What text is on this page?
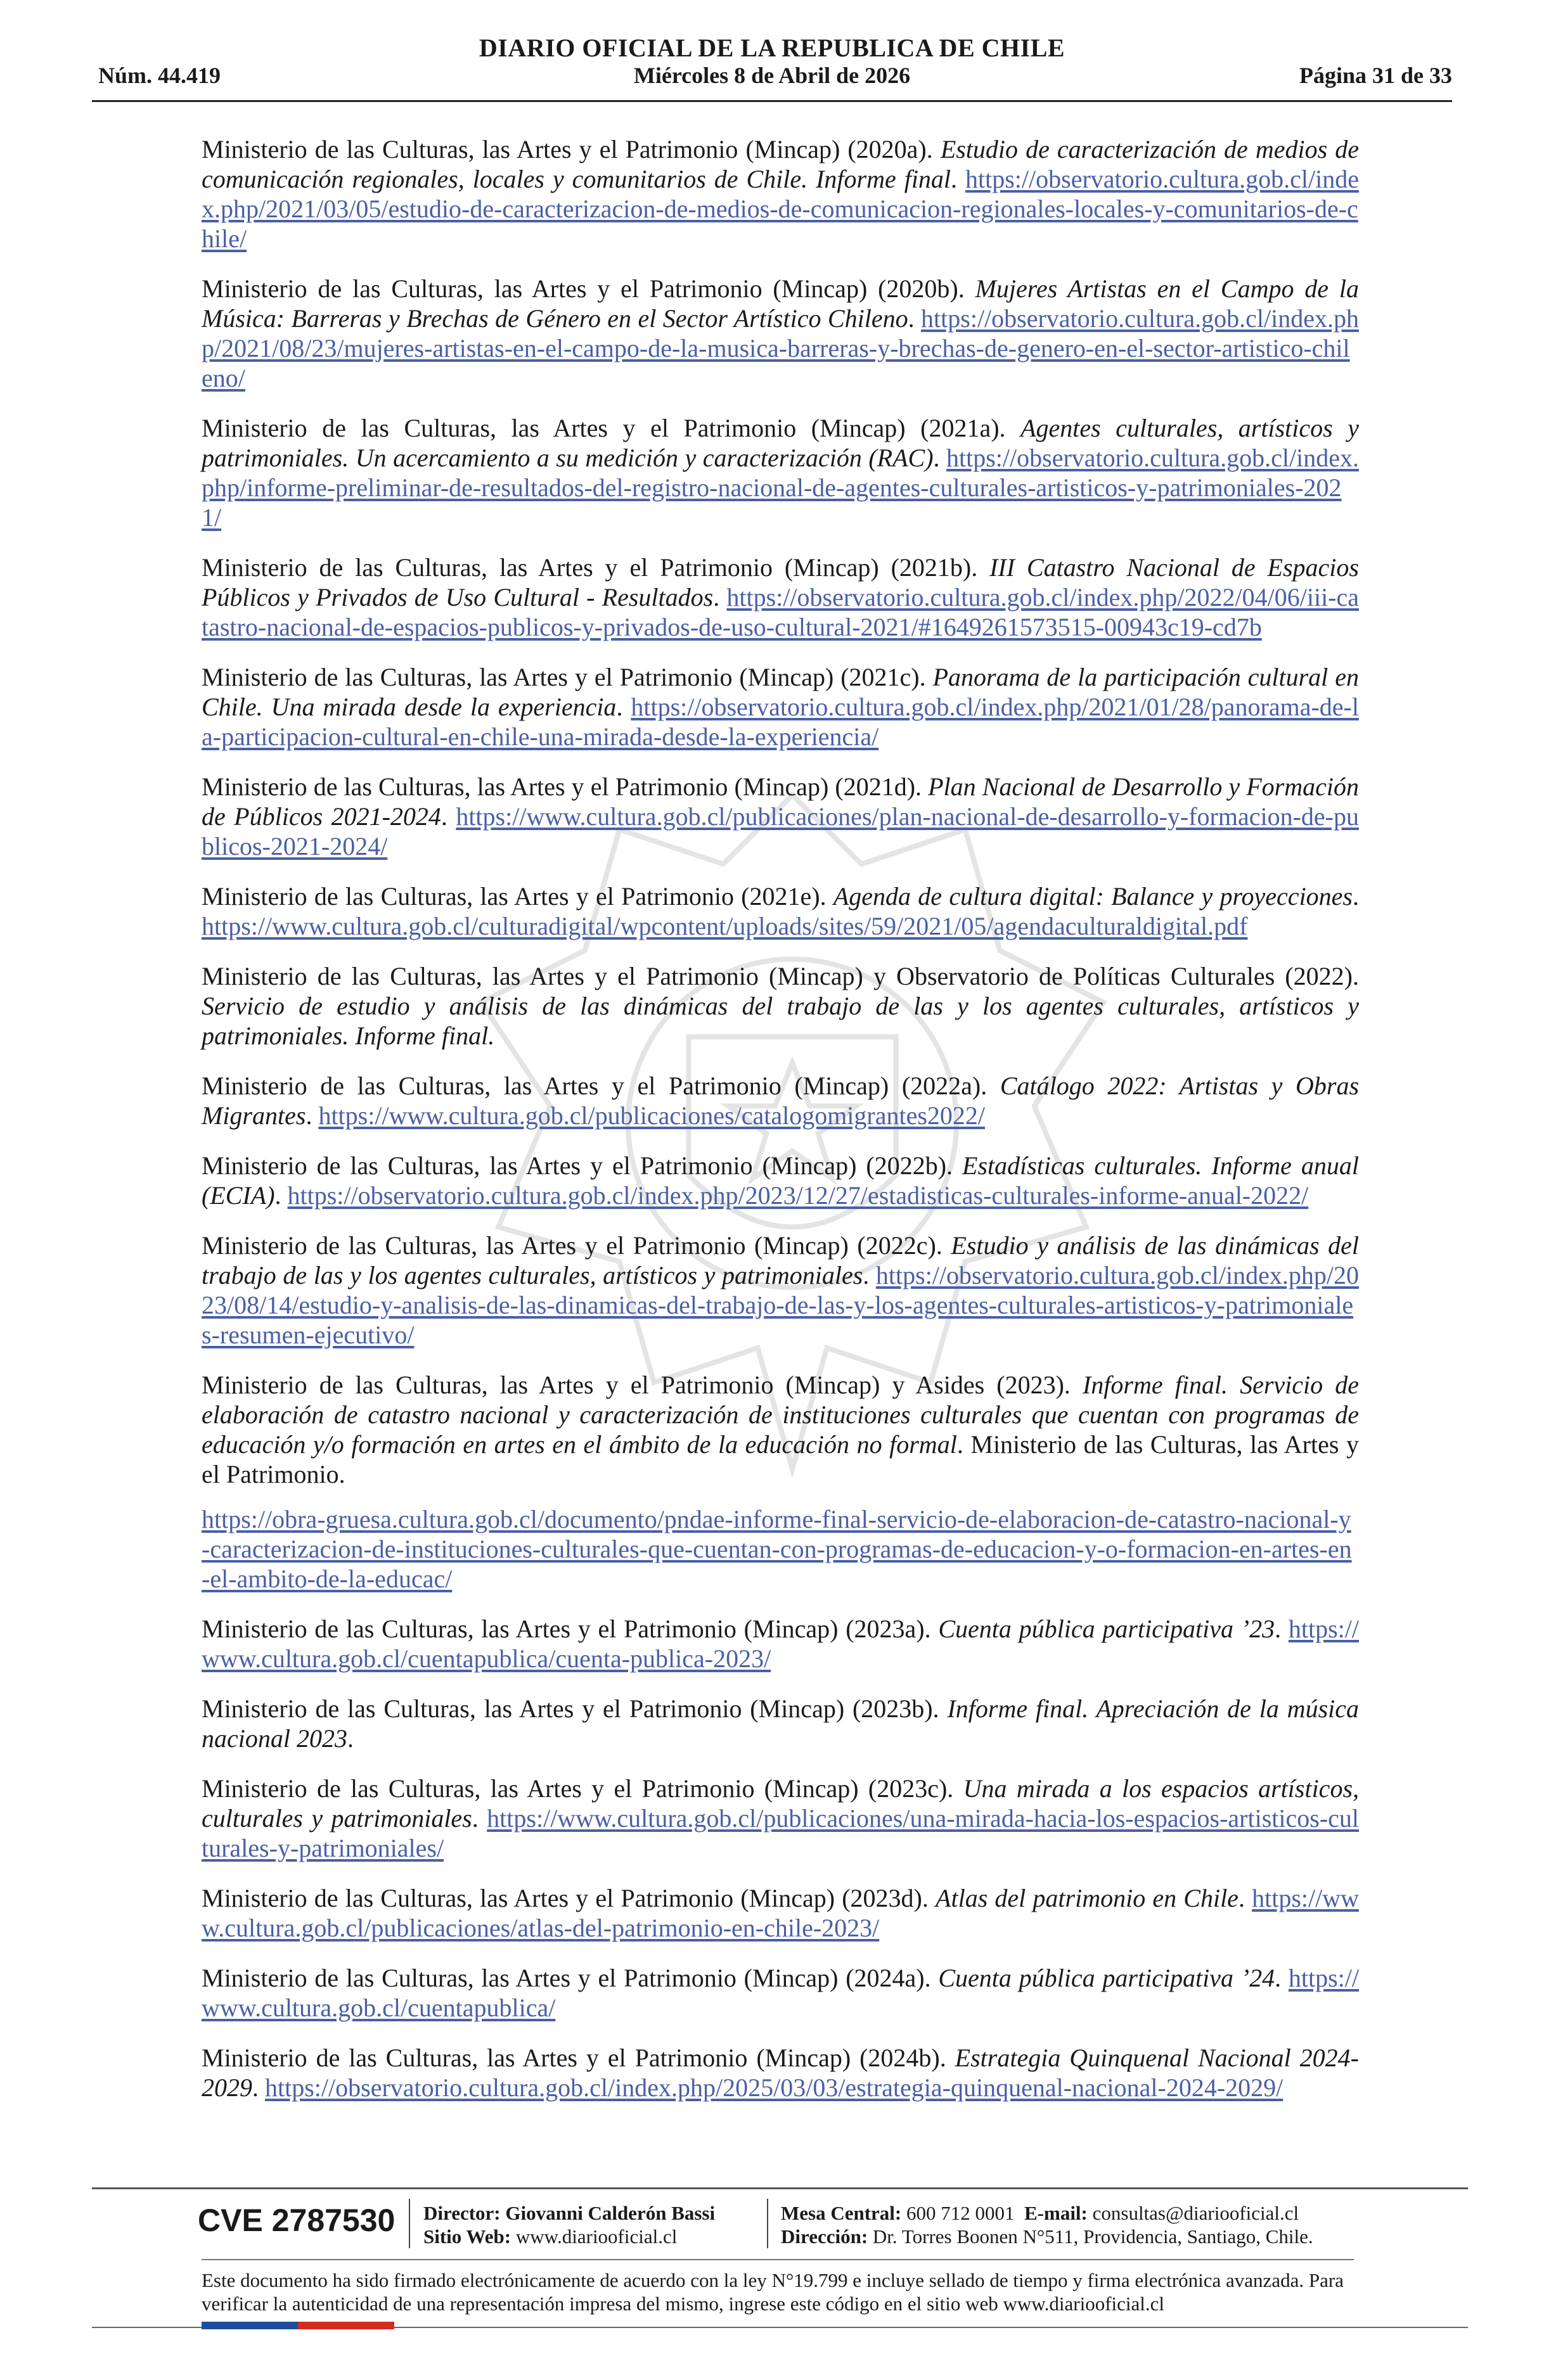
Núm. 44.419
DIARIO OFICIAL DE LA REPUBLICA DE CHILE
Miércoles 8 de Abril de 2026	Página 31 de 33

Ministerio de las Culturas, las Artes y el Patrimonio (Mincap) (2020a). Estudio de caracterización de medios de comunicación regionales, locales y comunitarios de Chile. Informe final. https://observatorio.cultura.gob.cl/index.php/2021/03/05/estudio-de-caracterizacion-de-medios-de-comunicacion-regionales-locales-y-comunitarios-de-chile/

Ministerio de las Culturas, las Artes y el Patrimonio (Mincap) (2020b). Mujeres Artistas en el Campo de la Música: Barreras y Brechas de Género en el Sector Artístico Chileno. https://observatorio.cultura.gob.cl/index.php/2021/08/23/mujeres-artistas-en-el-campo-de-la-musica-barreras-y-brechas-de-genero-en-el-sector-artistico-chileno/

Ministerio de las Culturas, las Artes y el Patrimonio (Mincap) (2021a). Agentes culturales, artísticos y patrimoniales. Un acercamiento a su medición y caracterización (RAC). https://observatorio.cultura.gob.cl/index.php/informe-preliminar-de-resultados-del-registro-nacional-de-agentes-culturales-artisticos-y-patrimoniales-2021/

Ministerio de las Culturas, las Artes y el Patrimonio (Mincap) (2021b). III Catastro Nacional de Espacios Públicos y Privados de Uso Cultural - Resultados. https://observatorio.cultura.gob.cl/index.php/2022/04/06/iii-catastro-nacional-de-espacios-publicos-y-privados-de-uso-cultural-2021/#1649261573515-00943c19-cd7b

Ministerio de las Culturas, las Artes y el Patrimonio (Mincap) (2021c). Panorama de la participación cultural en Chile. Una mirada desde la experiencia. https://observatorio.cultura.gob.cl/index.php/2021/01/28/panorama-de-la-participacion-cultural-en-chile-una-mirada-desde-la-experiencia/

Ministerio de las Culturas, las Artes y el Patrimonio (Mincap) (2021d). Plan Nacional de Desarrollo y Formación de Públicos 2021-2024. https://www.cultura.gob.cl/publicaciones/plan-nacional-de-desarrollo-y-formacion-de-publicos-2021-2024/

Ministerio de las Culturas, las Artes y el Patrimonio (2021e). Agenda de cultura digital: Balance y proyecciones. https://www.cultura.gob.cl/culturadigital/wpcontent/uploads/sites/59/2021/05/agendaculturaldigital.pdf

Ministerio de las Culturas, las Artes y el Patrimonio (Mincap) y Observatorio de Políticas Culturales (2022). Servicio de estudio y análisis de las dinámicas del trabajo de las y los agentes culturales, artísticos y patrimoniales. Informe final.

Ministerio de las Culturas, las Artes y el Patrimonio (Mincap) (2022a). Catálogo 2022: Artistas y Obras Migrantes. https://www.cultura.gob.cl/publicaciones/catalogomigrantes2022/

Ministerio de las Culturas, las Artes y el Patrimonio (Mincap) (2022b). Estadísticas culturales. Informe anual (ECIA). https://observatorio.cultura.gob.cl/index.php/2023/12/27/estadisticas-culturales-informe-anual-2022/

Ministerio de las Culturas, las Artes y el Patrimonio (Mincap) (2022c). Estudio y análisis de las dinámicas del trabajo de las y los agentes culturales, artísticos y patrimoniales. https://observatorio.cultura.gob.cl/index.php/2023/08/14/estudio-y-analisis-de-las-dinamicas-del-trabajo-de-las-y-los-agentes-culturales-artisticos-y-patrimoniales-resumen-ejecutivo/

Ministerio de las Culturas, las Artes y el Patrimonio (Mincap) y Asides (2023). Informe final. Servicio de elaboración de catastro nacional y caracterización de instituciones culturales que cuentan con programas de educación y/o formación en artes en el ámbito de la educación no formal. Ministerio de las Culturas, las Artes y el Patrimonio.

https://obra-gruesa.cultura.gob.cl/documento/pndae-informe-final-servicio-de-elaboracion-de-catastro-nacional-y-caracterizacion-de-instituciones-culturales-que-cuentan-con-programas-de-educacion-y-o-formacion-en-artes-en-el-ambito-de-la-educac/

Ministerio de las Culturas, las Artes y el Patrimonio (Mincap) (2023a). Cuenta pública participativa ’23. https://www.cultura.gob.cl/cuentapublica/cuenta-publica-2023/

Ministerio de las Culturas, las Artes y el Patrimonio (Mincap) (2023b). Informe final. Apreciación de la música nacional 2023.

Ministerio de las Culturas, las Artes y el Patrimonio (Mincap) (2023c). Una mirada a los espacios artísticos, culturales y patrimoniales. https://www.cultura.gob.cl/publicaciones/una-mirada-hacia-los-espacios-artisticos-culturales-y-patrimoniales/

Ministerio de las Culturas, las Artes y el Patrimonio (Mincap) (2023d). Atlas del patrimonio en Chile. https://www.cultura.gob.cl/publicaciones/atlas-del-patrimonio-en-chile-2023/

Ministerio de las Culturas, las Artes y el Patrimonio (Mincap) (2024a). Cuenta pública participativa ’24. https://www.cultura.gob.cl/cuentapublica/

Ministerio de las Culturas, las Artes y el Patrimonio (Mincap) (2024b). Estrategia Quinquenal Nacional 2024-2029. https://observatorio.cultura.gob.cl/index.php/2025/03/03/estrategia-quinquenal-nacional-2024-2029/

CVE 2787530 Director: Giovanni Calderón Bassi
Sitio Web: www.diariooficial.cl
Mesa Central: 600 712 0001 E-mail: consultas@diariooficial.cl
Dirección: Dr. Torres Boonen N°511, Providencia, Santiago, Chile.
Este documento ha sido firmado electrónicamente de acuerdo con la ley N°19.799 e incluye sellado de tiempo y firma electrónica avanzada. Para verificar la autenticidad de una representación impresa del mismo, ingrese este código en el sitio web www.diariooficial.cl
